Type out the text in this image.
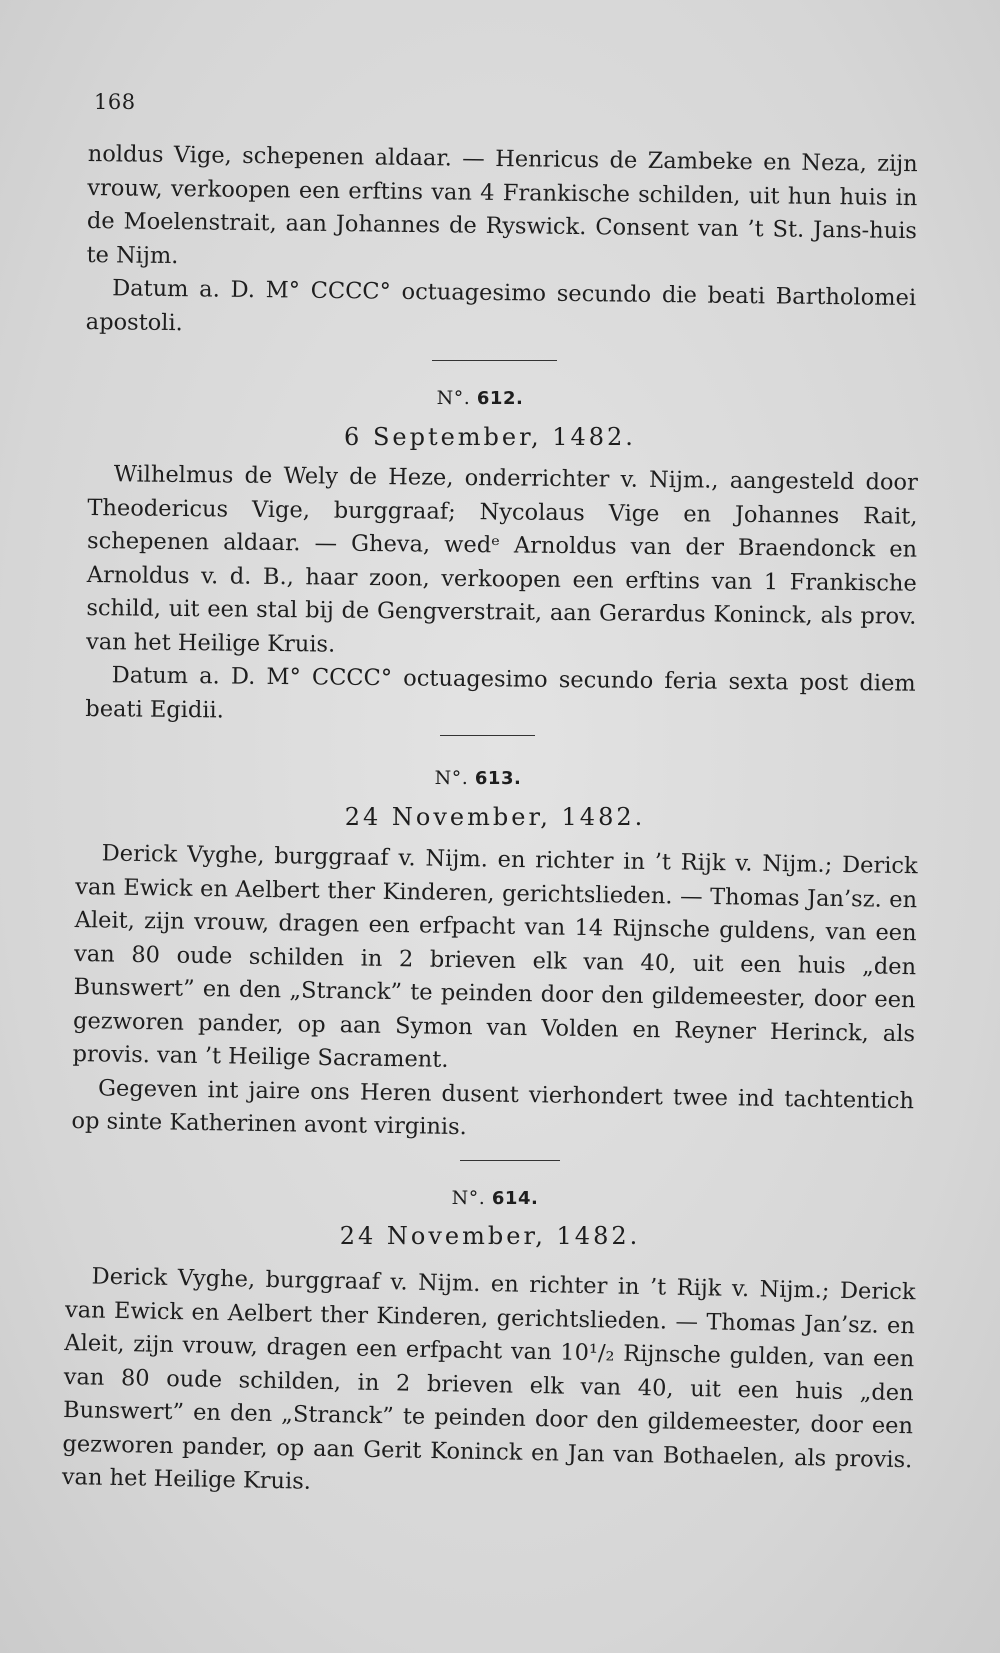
168

noldus Vige, schepenen aldaar. — Henricus de Zambeke en Neza, zijn vrouw, verkoopen een erftins van 4 Frankische schilden, uit hun huis in de Moelenstrait, aan Johannes de Ryswick. Consent van ’t St. Jans-huis te Nijm.

Datum a. D. M° CCCC° octuagesimo secundo die beati Bartholomei apostoli.

N°. 612.
6 September, 1482.

Wilhelmus de Wely de Heze, onderrichter v. Nijm., aangesteld door Theodericus Vige, burggraaf; Nycolaus Vige en Johannes Rait, schepenen aldaar. — Gheva, wedᵉ Arnoldus van der Braendonck en Arnoldus v. d. B., haar zoon, verkoopen een erftins van 1 Frankische schild, uit een stal bij de Gengverstrait, aan Gerardus Koninck, als prov. van het Heilige Kruis.

Datum a. D. M° CCCC° octuagesimo secundo feria sexta post diem beati Egidii.

N°. 613.
24 November, 1482.

Derick Vyghe, burggraaf v. Nijm. en richter in ’t Rijk v. Nijm.; Derick van Ewick en Aelbert ther Kinderen, gerichtslieden. — Thomas Jan’sz. en Aleit, zijn vrouw, dragen een erfpacht van 14 Rijnsche guldens, van een van 80 oude schilden in 2 brieven elk van 40, uit een huis „den Bunswert” en den „Stranck” te peinden door den gildemeester, door een gezworen pander, op aan Symon van Volden en Reyner Herinck, als provis. van ’t Heilige Sacrament.

Gegeven int jaire ons Heren dusent vierhondert twee ind tachtentich op sinte Katherinen avont virginis.

N°. 614.
24 November, 1482.

Derick Vyghe, burggraaf v. Nijm. en richter in ’t Rijk v. Nijm.; Derick van Ewick en Aelbert ther Kinderen, gerichtslieden. — Thomas Jan’sz. en Aleit, zijn vrouw, dragen een erfpacht van 10¹/₂ Rijnsche gulden, van een van 80 oude schilden, in 2 brieven elk van 40, uit een huis „den Bunswert” en den „Stranck” te peinden door den gildemeester, door een gezworen pander, op aan Gerit Koninck en Jan van Bothaelen, als provis. van het Heilige Kruis.
